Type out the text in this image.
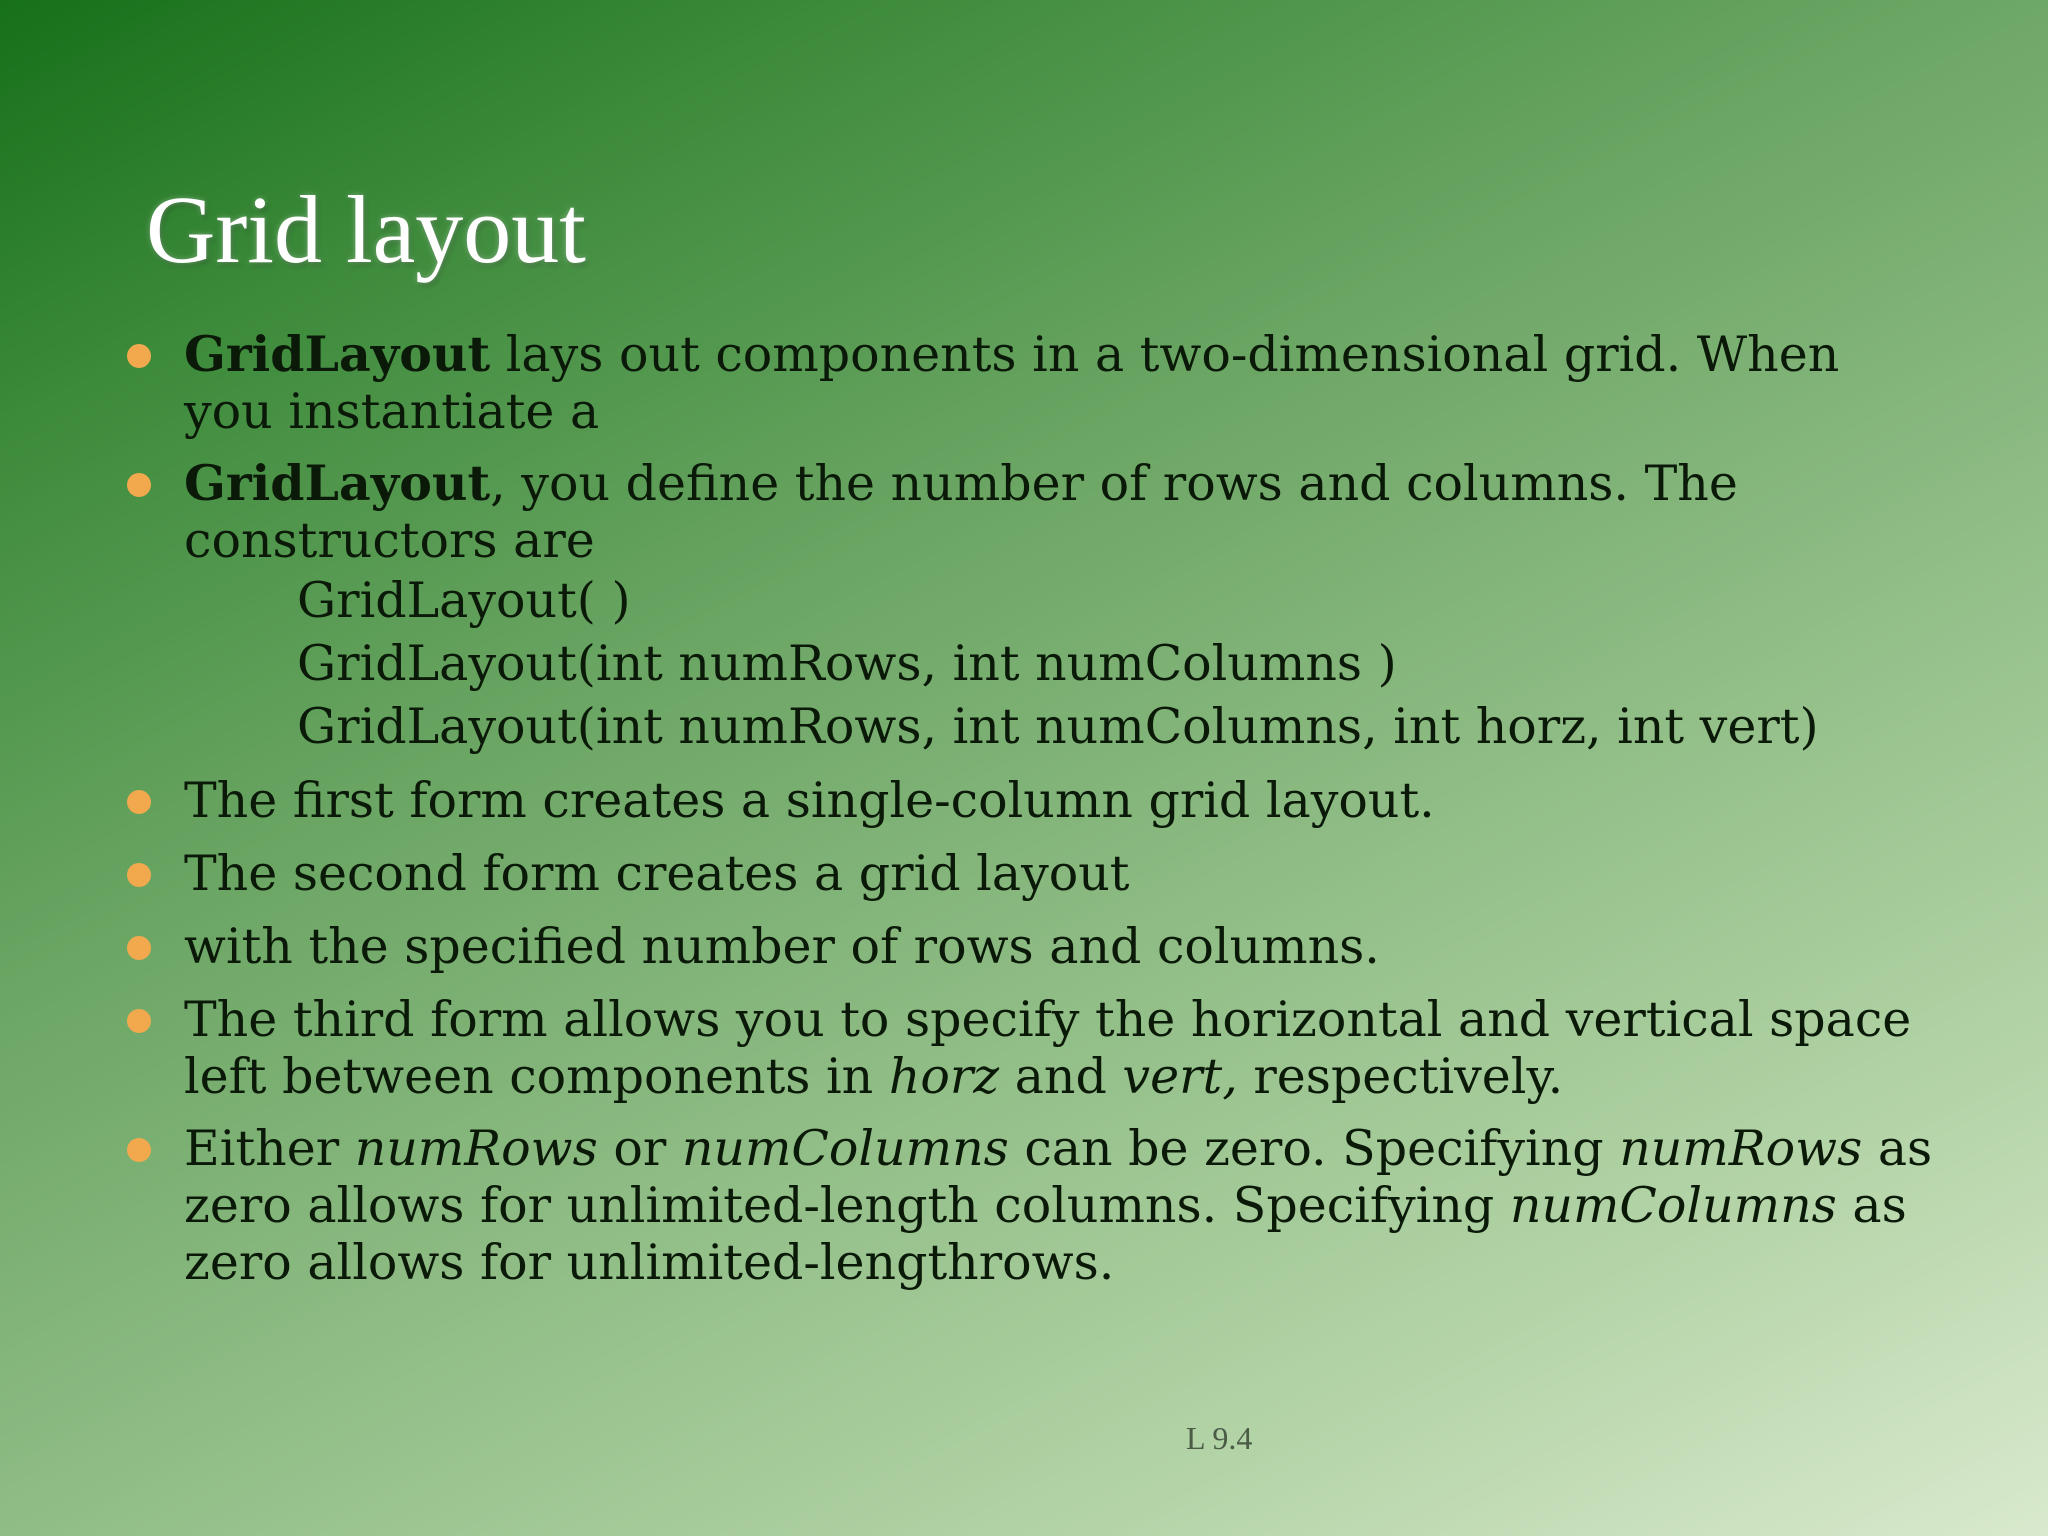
Grid layout
GridLayout lays out components in a two-dimensional grid. When
you instantiate a
GridLayout, you define the number of rows and columns. The
constructors are
The first form creates a single-column grid layout.
The second form creates a grid layout
with the specified number of rows and columns.
The third form allows you to specify the horizontal and vertical space
left between components in horz and vert, respectively.
Either numRows or numColumns can be zero. Specifying numRows as
zero allows for unlimited-length columns. Specifying numColumns as
zero allows for unlimited-lengthrows.
GridLayout( )
GridLayout(int numRows, int numColumns )
GridLayout(int numRows, int numColumns, int horz, int vert)
L 9.4
